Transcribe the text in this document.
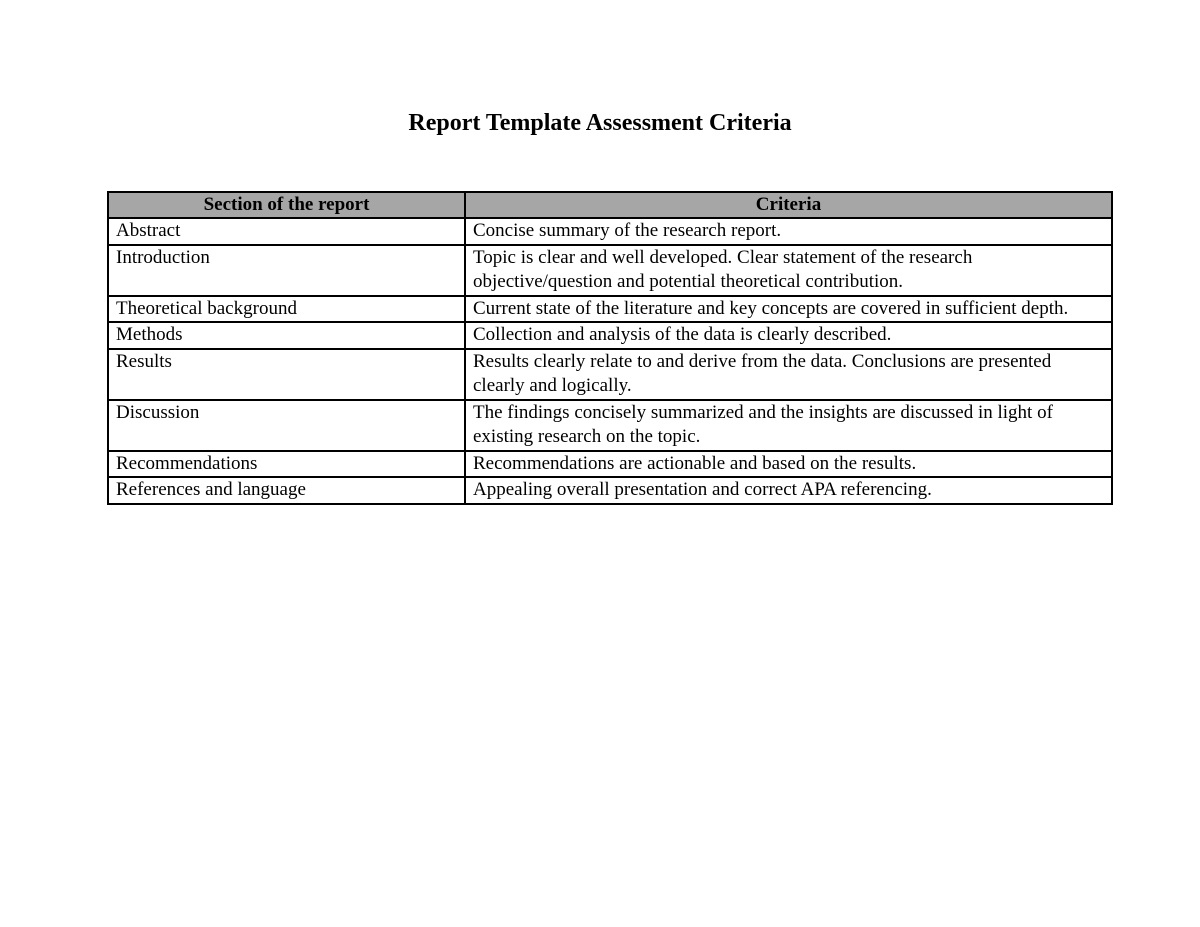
Report Template Assessment Criteria
Section of the report	Criteria
Abstract	Concise summary of the research report.
Introduction	Topic is clear and well developed. Clear statement of the research objective/question and potential theoretical contribution.
Theoretical background	Current state of the literature and key concepts are covered in sufficient depth.
Methods	Collection and analysis of the data is clearly described.
Results	Results clearly relate to and derive from the data. Conclusions are presented clearly and logically.
Discussion	The findings concisely summarized and the insights are discussed in light of existing research on the topic.
Recommendations	Recommendations are actionable and based on the results.
References and language	Appealing overall presentation and correct APA referencing.
